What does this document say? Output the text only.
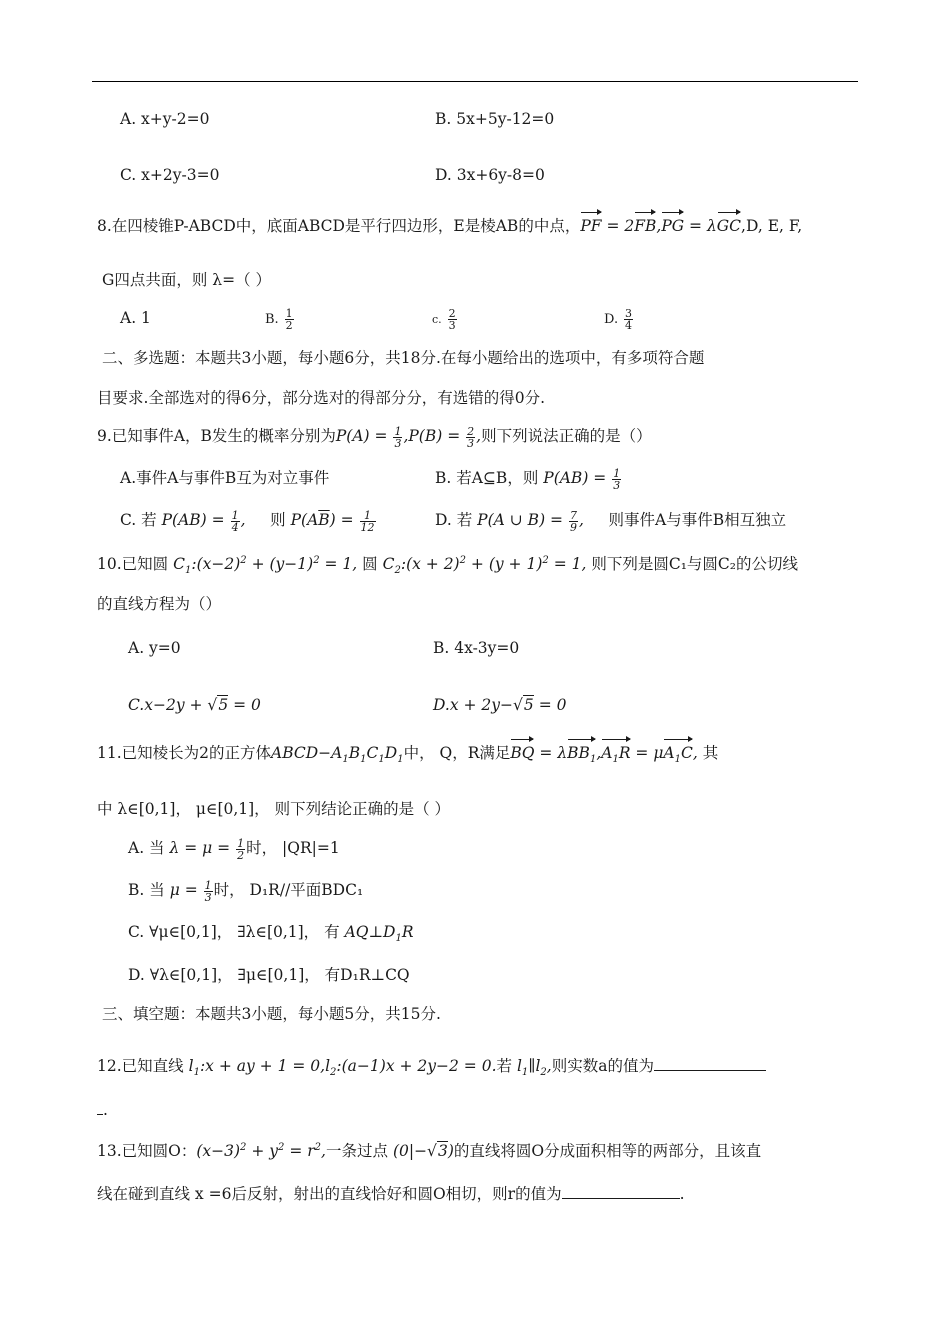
A. x+y-2=0	B. 5x+5y-12=0
C. x+2y-3=0	D. 3x+6y-8=0
8.在四棱锥P-ABCD中，底面ABCD是平行四边形，E是棱AB的中点，PF = 2FB,PG = λGC,D, E, F,
G四点共面，则 λ=（ ）
A. 1	B. $\frac{1}{2}$	c. $\frac{2}{3}$	D. $\frac{3}{4}$
二、多选题：本题共3小题，每小题6分，共18分.在每小题给出的选项中，有多项符合题
目要求.全部选对的得6分，部分选对的得部分分，有选错的得0分.
9.已知事件A，B发生的概率分别为$P(A) = \frac{1}{3} ,P(B) = \frac{2}{3}$ ,则下列说法正确的是（）
A.事件A与事件B互为对立事件	B. 若A⊆B，则 $P(AB) = \frac{1}{3}$
C. 若 $P(AB) = \frac{1}{4}$ , 则 $P(A\overline{B}) = \frac{1}{12}$	D. 若 P(A ∪ $B) = \frac{7}{9}$ , 则事件A与事件B相互独立
10.已知圆 $C_1:(x-2)^2 + (y-1)^2 = 1$, 圆 $C_2:(x + 2)^2 + (y + 1)^2 = 1$, 则下列是圆C₁与圆C₂的公切线
的直线方程为（）
A. y=0	B. 4x-3y=0
C.x−2y + √5 = 0	D.x + 2y−√5 = 0
11.已知棱长为2的正方体$ABCD-A_1B_1C_1D_1$中， Q，R满足BQ = $\lambda BB_1,A_1R = \mu A_1C$, 其
中 λ∈[0,1]， μ∈[0,1]， 则下列结论正确的是（ ）
A. 当 $\lambda = \mu = \frac{1}{2}$ 时， |QR|=1
B. 当 $\mu = \frac{1}{3}$ 时， D₁R//平面BDC₁
C. ∀μ∈[0,1]， ∃λ∈[0,1]， 有 $AQ\perp D_1R$
D. ∀λ∈[0,1]， ∃μ∈[0,1]， 有D₁R⊥CQ
三、填空题：本题共3小题，每小题5分，共15分.
12.已知直线 $l_1:x$ + ay + $1 = 0,l_2:(a-1)x + 2y-2 = 0$.若 $l_1\parallel l_2$,则实数a的值为
.
13.已知圆O：$(x-3)^2 + y^2 = r^2$,一条过点 (0|−√3)的直线将圆O分成面积相等的两部分，且该直
线在碰到直线 x =6后反射，射出的直线恰好和圆O相切，则r的值为	.
